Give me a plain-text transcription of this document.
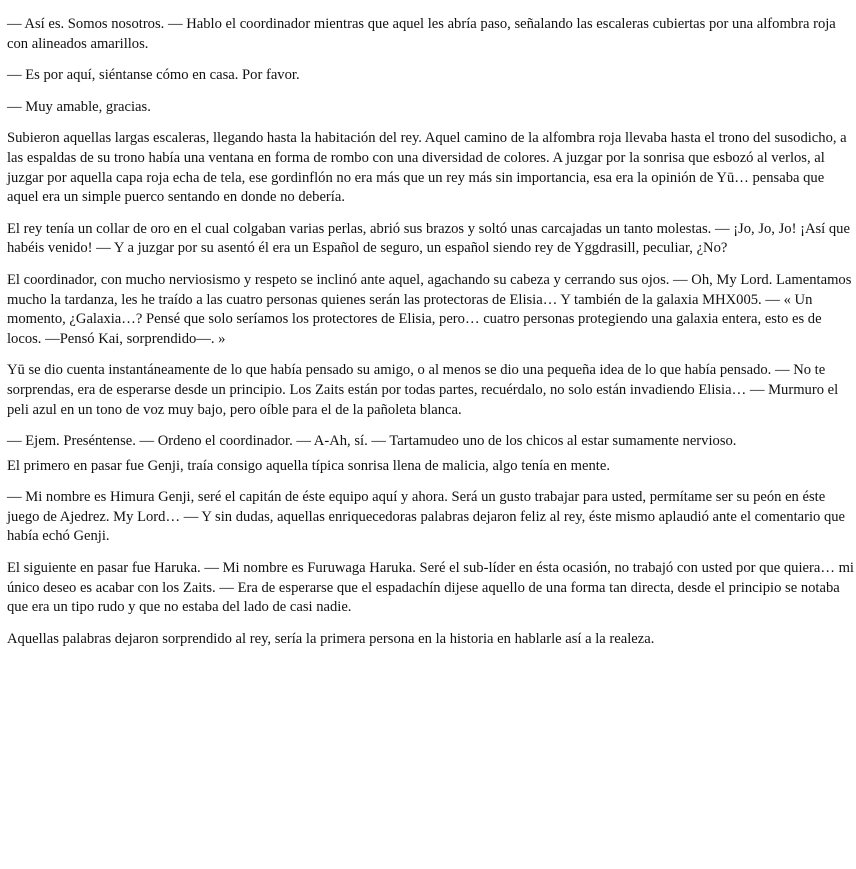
— Así es. Somos nosotros. — Hablo el coordinador mientras que aquel les abría paso, señalando las escaleras cubiertas por una alfombra roja con alineados amarillos.

— Es por aquí, siéntanse cómo en casa. Por favor.

— Muy amable, gracias.

Subieron aquellas largas escaleras, llegando hasta la habitación del rey. Aquel camino de la alfombra roja llevaba hasta el trono del susodicho, a las espaldas de su trono había una ventana en forma de rombo con una diversidad de colores. A juzgar por la sonrisa que esbozó al verlos, al juzgar por aquella capa roja echa de tela, ese gordinflón no era más que un rey más sin importancia, esa era la opinión de Yū… pensaba que aquel era un simple puerco sentando en donde no debería.

El rey tenía un collar de oro en el cual colgaban varias perlas, abrió sus brazos y soltó unas carcajadas un tanto molestas. — ¡Jo, Jo, Jo! ¡Así que habéis venido! — Y a juzgar por su asentó él era un Español de seguro, un español siendo rey de Yggdrasill, peculiar, ¿No?

El coordinador, con mucho nerviosismo y respeto se inclinó ante aquel, agachando su cabeza y cerrando sus ojos. — Oh, My Lord. Lamentamos mucho la tardanza, les he traído a las cuatro personas quienes serán las protectoras de Elisia… Y también de la galaxia MHX005. — « Un momento, ¿Galaxia…? Pensé que solo seríamos los protectores de Elisia, pero… cuatro personas protegiendo una galaxia entera, esto es de locos. —Pensó Kai, sorprendido—. »

Yū se dio cuenta instantáneamente de lo que había pensado su amigo, o al menos se dio una pequeña idea de lo que había pensado. — No te sorprendas, era de esperarse desde un principio. Los Zaits están por todas partes, recuérdalo, no solo están invadiendo Elisia… — Murmuro el peli azul en un tono de voz muy bajo, pero oíble para el de la pañoleta blanca.

— Ejem. Preséntense. — Ordeno el coordinador. — A-Ah, sí. — Tartamudeo uno de los chicos al estar sumamente nervioso.

El primero en pasar fue Genji, traía consigo aquella típica sonrisa llena de malicia, algo tenía en mente.

— Mi nombre es Himura Genji, seré el capitán de éste equipo aquí y ahora. Será un gusto trabajar para usted, permítame ser su peón en éste juego de Ajedrez. My Lord… — Y sin dudas, aquellas enriquecedoras palabras dejaron feliz al rey, éste mismo aplaudió ante el comentario que había echó Genji.

El siguiente en pasar fue Haruka. — Mi nombre es Furuwaga Haruka. Seré el sub-líder en ésta ocasión, no trabajó con usted por que quiera… mi único deseo es acabar con los Zaits. — Era de esperarse que el espadachín dijese aquello de una forma tan directa, desde el principio se notaba que era un tipo rudo y que no estaba del lado de casi nadie.

Aquellas palabras dejaron sorprendido al rey, sería la primera persona en la historia en hablarle así a la realeza.
